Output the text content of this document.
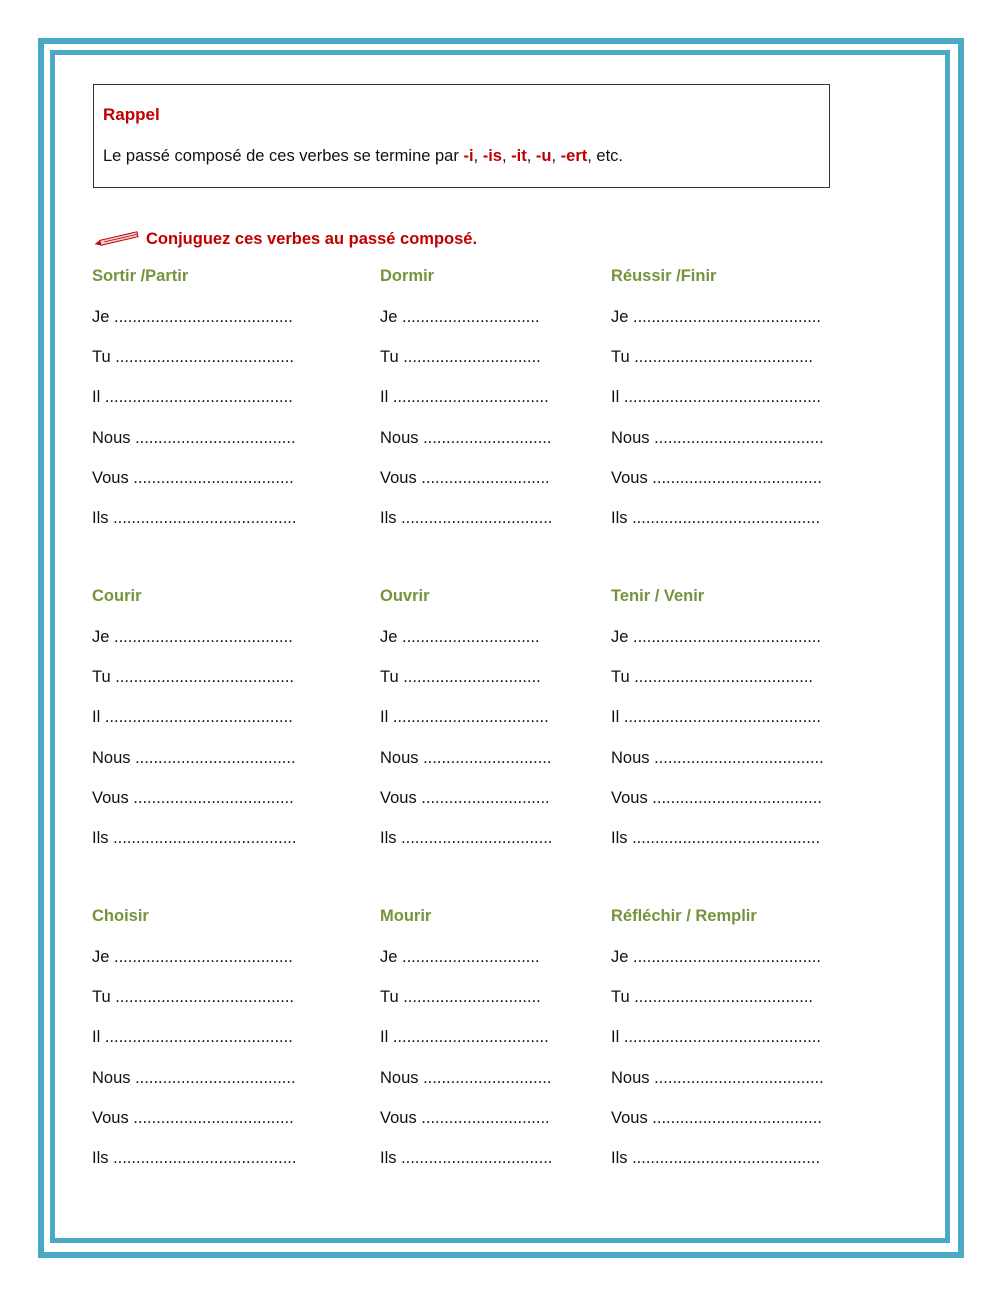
Rappel
Le passé composé de ces verbes se termine par -i, -is, -it, -u, -ert, etc.
Conjuguez ces verbes au passé composé.
Sortir /Partir
Je .......................................
Tu .......................................
Il .........................................
Nous ...................................
Vous ...................................
Ils ........................................
Dormir
Je ..............................
Tu ..............................
Il ..................................
Nous ............................
Vous ............................
Ils .................................
Réussir /Finir
Je .........................................
Tu .......................................
Il ...........................................
Nous .....................................
Vous .....................................
Ils .........................................
Courir
Je .......................................
Tu .......................................
Il .........................................
Nous ...................................
Vous ...................................
Ils ........................................
Ouvrir
Je ..............................
Tu ..............................
Il ..................................
Nous ............................
Vous ............................
Ils .................................
Tenir / Venir
Je .........................................
Tu .......................................
Il ...........................................
Nous .....................................
Vous .....................................
Ils .........................................
Choisir
Je .......................................
Tu .......................................
Il .........................................
Nous ...................................
Vous ...................................
Ils ........................................
Mourir
Je ..............................
Tu ..............................
Il ..................................
Nous ............................
Vous ............................
Ils .................................
Réfléchir / Remplir
Je .........................................
Tu .......................................
Il ...........................................
Nous .....................................
Vous .....................................
Ils .........................................
